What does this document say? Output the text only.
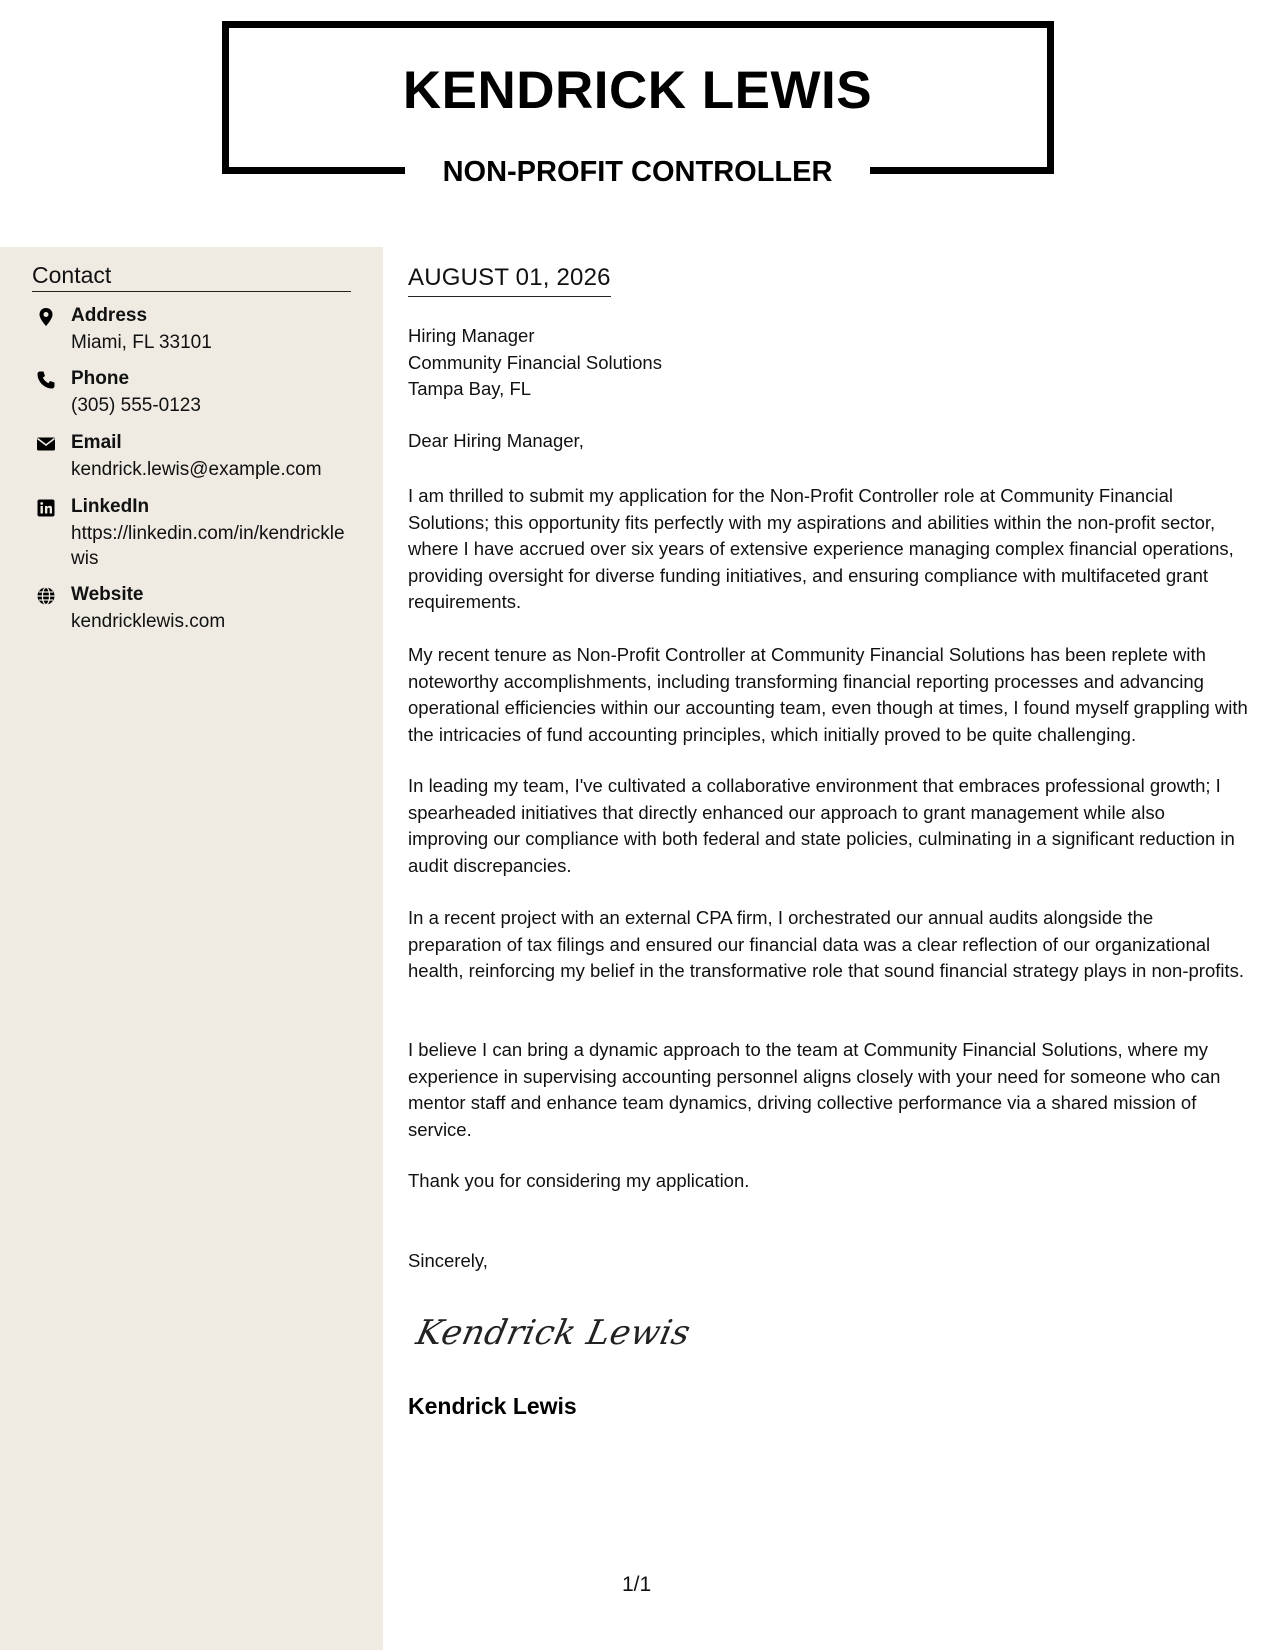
KENDRICK LEWIS
NON-PROFIT CONTROLLER
Contact
Address
Miami, FL 33101
Phone
(305) 555-0123
Email
kendrick.lewis@example.com
LinkedIn
https://linkedin.com/in/kendricklewis
Website
kendricklewis.com
AUGUST 01, 2026
Hiring Manager
Community Financial Solutions
Tampa Bay, FL
Dear Hiring Manager,

I am thrilled to submit my application for the Non-Profit Controller role at Community Financial Solutions; this opportunity fits perfectly with my aspirations and abilities within the non-profit sector, where I have accrued over six years of extensive experience managing complex financial operations, providing oversight for diverse funding initiatives, and ensuring compliance with multifaceted grant requirements.

My recent tenure as Non-Profit Controller at Community Financial Solutions has been replete with noteworthy accomplishments, including transforming financial reporting processes and advancing operational efficiencies within our accounting team, even though at times, I found myself grappling with the intricacies of fund accounting principles, which initially proved to be quite challenging.

In leading my team, I've cultivated a collaborative environment that embraces professional growth; I spearheaded initiatives that directly enhanced our approach to grant management while also improving our compliance with both federal and state policies, culminating in a significant reduction in audit discrepancies.

In a recent project with an external CPA firm, I orchestrated our annual audits alongside the preparation of tax filings and ensured our financial data was a clear reflection of our organizational health, reinforcing my belief in the transformative role that sound financial strategy plays in non-profits.

I believe I can bring a dynamic approach to the team at Community Financial Solutions, where my experience in supervising accounting personnel aligns closely with your need for someone who can mentor staff and enhance team dynamics, driving collective performance via a shared mission of service.

Thank you for considering my application.
Sincerely,
Kendrick Lewis
Kendrick Lewis
1/1
